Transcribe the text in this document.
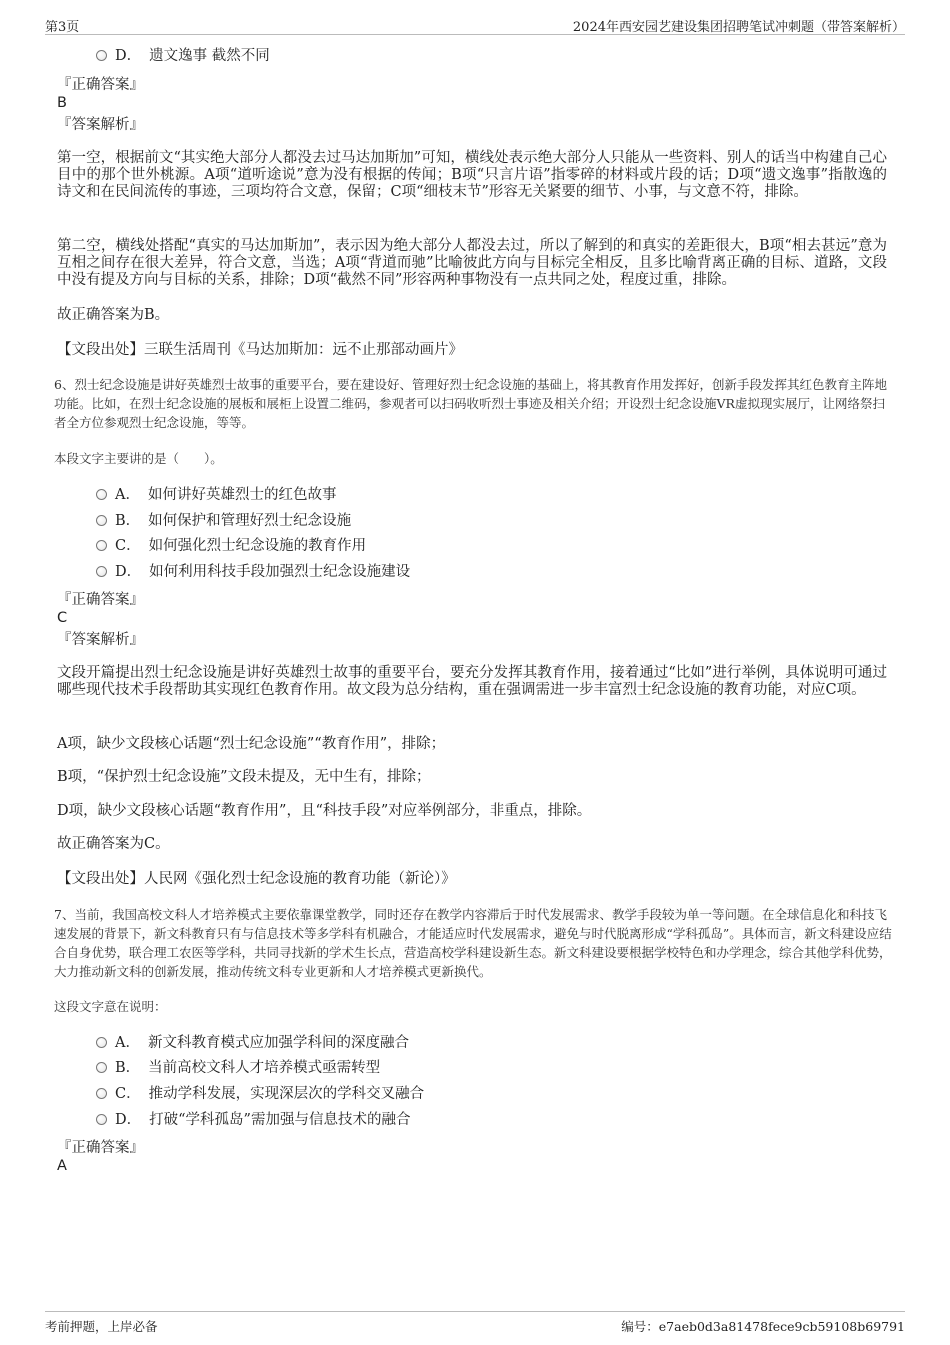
第3页	2024年西安园艺建设集团招聘笔试冲刺题（带答案解析）
D． 遗文逸事 截然不同
『正确答案』
B
『答案解析』
第一空，根据前文“其实绝大部分人都没去过马达加斯加”可知，横线处表示绝大部分人只能从一些资料、别人的话当中构建自己心目中的那个世外桃源。A项“道听途说”意为没有根据的传闻；B项“只言片语”指零碎的材料或片段的话；D项“遗文逸事”指散逸的诗文和在民间流传的事迹，三项均符合文意，保留；C项“细枝末节”形容无关紧要的细节、小事，与文意不符，排除。
第二空，横线处搭配“真实的马达加斯加”，表示因为绝大部分人都没去过，所以了解到的和真实的差距很大，B项“相去甚远”意为互相之间存在很大差异，符合文意，当选；A项“背道而驰”比喻彼此方向与目标完全相反，且多比喻背离正确的目标、道路，文段中没有提及方向与目标的关系，排除；D项“截然不同”形容两种事物没有一点共同之处，程度过重，排除。
故正确答案为B。
【文段出处】三联生活周刊《马达加斯加：远不止那部动画片》
6、烈士纪念设施是讲好英雄烈士故事的重要平台，要在建设好、管理好烈士纪念设施的基础上，将其教育作用发挥好，创新手段发挥其红色教育主阵地功能。比如，在烈士纪念设施的展板和展柜上设置二维码，参观者可以扫码收听烈士事迹及相关介绍；开设烈士纪念设施VR虚拟现实展厅，让网络祭扫者全方位参观烈士纪念设施，等等。
本段文字主要讲的是（　　）。
A． 如何讲好英雄烈士的红色故事
B． 如何保护和管理好烈士纪念设施
C． 如何强化烈士纪念设施的教育作用
D． 如何利用科技手段加强烈士纪念设施建设
『正确答案』
C
『答案解析』
文段开篇提出烈士纪念设施是讲好英雄烈士故事的重要平台，要充分发挥其教育作用，接着通过“比如”进行举例，具体说明可通过哪些现代技术手段帮助其实现红色教育作用。故文段为总分结构，重在强调需进一步丰富烈士纪念设施的教育功能，对应C项。
A项，缺少文段核心话题“烈士纪念设施”“教育作用”，排除；
B项，“保护烈士纪念设施”文段未提及，无中生有，排除；
D项，缺少文段核心话题“教育作用”，且“科技手段”对应举例部分，非重点，排除。
故正确答案为C。
【文段出处】人民网《强化烈士纪念设施的教育功能（新论）》
7、当前，我国高校文科人才培养模式主要依靠课堂教学，同时还存在教学内容滞后于时代发展需求、教学手段较为单一等问题。在全球信息化和科技飞速发展的背景下，新文科教育只有与信息技术等多学科有机融合，才能适应时代发展需求，避免与时代脱离形成“学科孤岛”。具体而言，新文科建设应结合自身优势，联合理工农医等学科，共同寻找新的学术生长点，营造高校学科建设新生态。新文科建设要根据学校特色和办学理念，综合其他学科优势，大力推动新文科的创新发展，推动传统文科专业更新和人才培养模式更新换代。
这段文字意在说明：
A． 新文科教育模式应加强学科间的深度融合
B． 当前高校文科人才培养模式亟需转型
C． 推动学科发展，实现深层次的学科交叉融合
D． 打破“学科孤岛”需加强与信息技术的融合
『正确答案』
A
考前押题，上岸必备	编号：e7aeb0d3a81478fece9cb59108b69791
